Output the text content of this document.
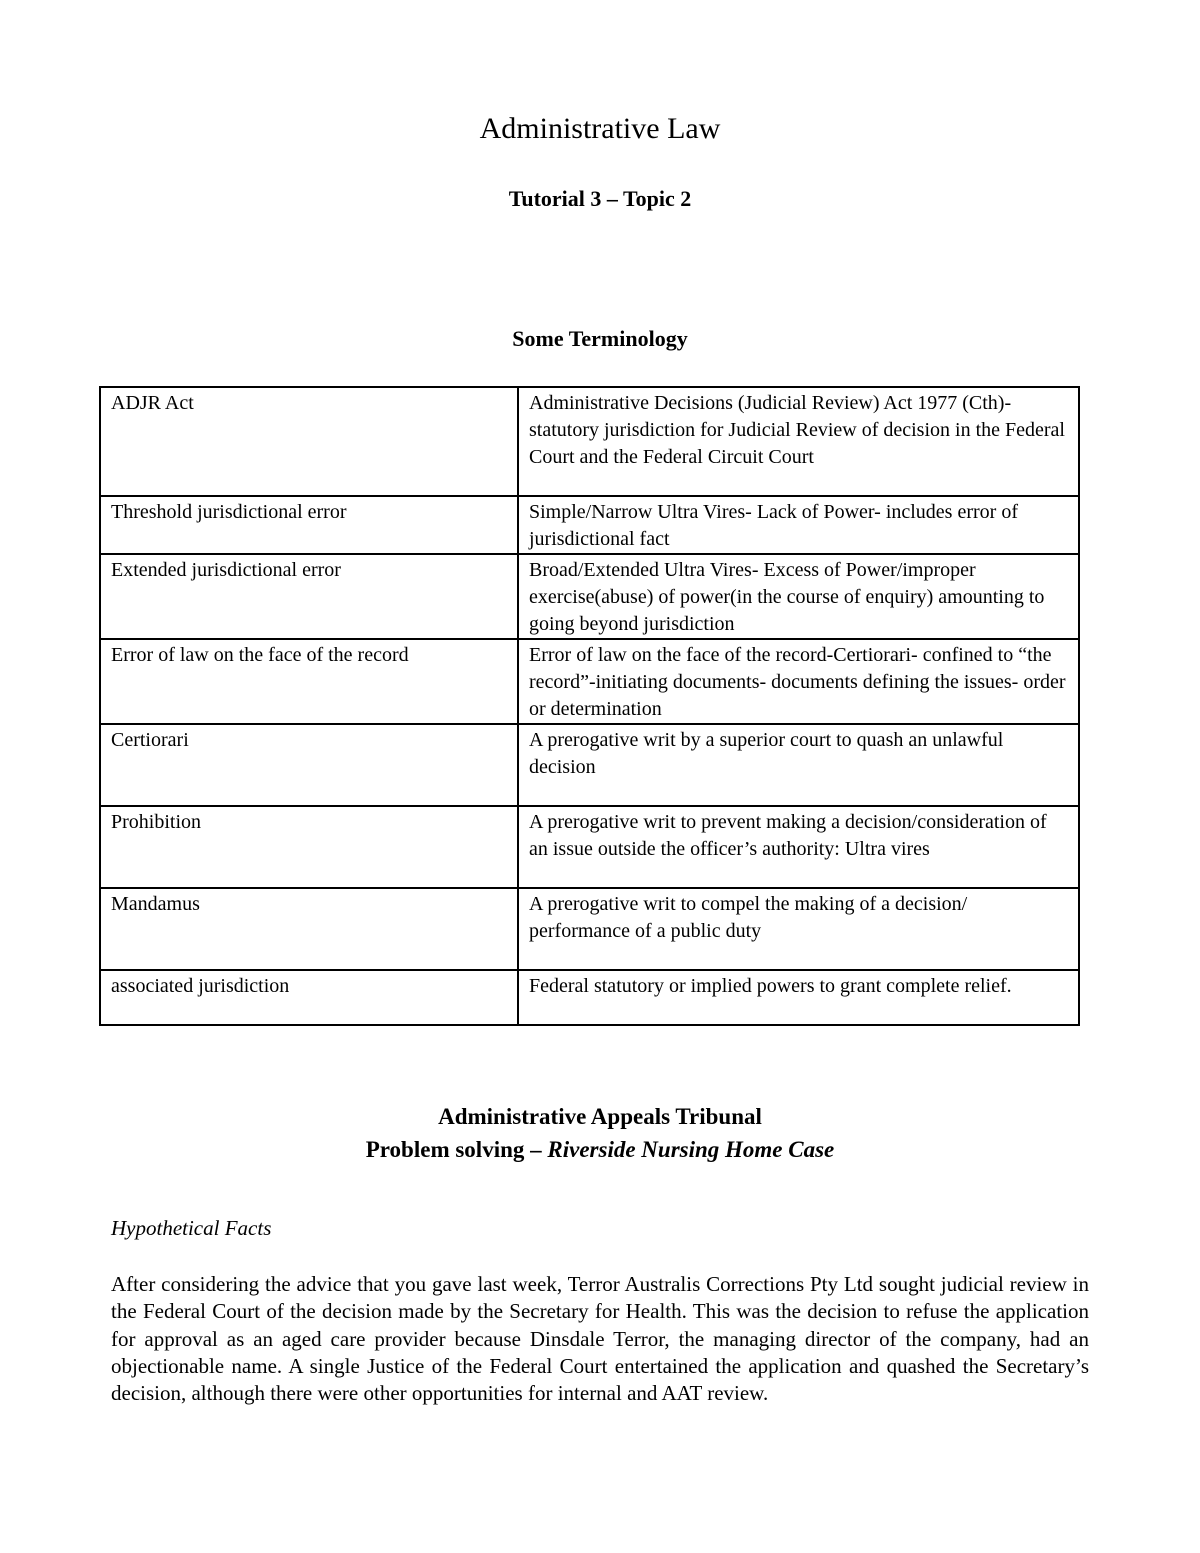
Administrative Law
Tutorial 3 – Topic 2
Some Terminology
ADJR Act	Administrative Decisions (Judicial Review) Act 1977 (Cth)- statutory jurisdiction for Judicial Review of decision in the Federal Court and the Federal Circuit Court
Threshold jurisdictional error	Simple/Narrow Ultra Vires- Lack of Power- includes error of jurisdictional fact
Extended jurisdictional error	Broad/Extended Ultra Vires- Excess of Power/improper exercise(abuse) of power(in the course of enquiry) amounting to going beyond jurisdiction
Error of law on the face of the record	Error of law on the face of the record-Certiorari- confined to “the record”-initiating documents- documents defining the issues- order or determination
Certiorari	A prerogative writ by a superior court to quash an unlawful decision
Prohibition	A prerogative writ to prevent making a decision/consideration of an issue outside the officer’s authority: Ultra vires
Mandamus	A prerogative writ to compel the making of a decision/ performance of a public duty
associated jurisdiction	Federal statutory or implied powers to grant complete relief.
Administrative Appeals Tribunal
Problem solving – Riverside Nursing Home Case

Hypothetical Facts

After considering the advice that you gave last week, Terror Australis Corrections Pty Ltd sought judicial review in the Federal Court of the decision made by the Secretary for Health. This was the decision to refuse the application for approval as an aged care provider because Dinsdale Terror, the managing director of the company, had an objectionable name. A single Justice of the Federal Court entertained the application and quashed the Secretary’s decision, although there were other opportunities for internal and AAT review.
